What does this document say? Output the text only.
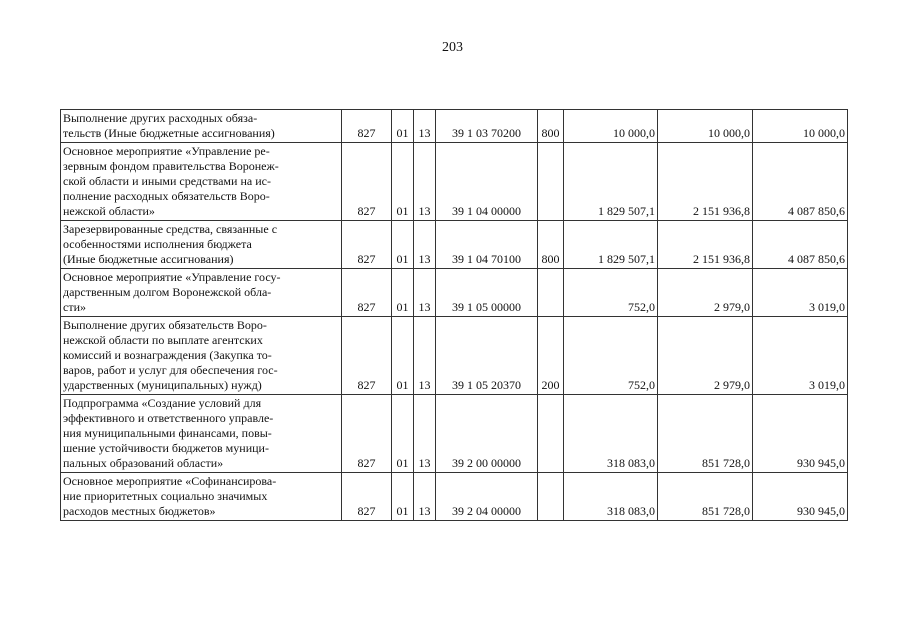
203
Выполнение других расходных обяза-
тельств (Иные бюджетные ассигнования)	827	01	13	39 1 03 70200	800	10 000,0	10 000,0	10 000,0
Основное мероприятие «Управление ре-
зервным фондом правительства Воронеж-
ской области и иными средствами на ис-
полнение расходных обязательств Воро-
нежской области»	827	01	13	39 1 04 00000		1 829 507,1	2 151 936,8	4 087 850,6
Зарезервированные средства, связанные с
особенностями исполнения бюджета
(Иные бюджетные ассигнования)	827	01	13	39 1 04 70100	800	1 829 507,1	2 151 936,8	4 087 850,6
Основное мероприятие «Управление госу-
дарственным долгом Воронежской обла-
сти»	827	01	13	39 1 05 00000		752,0	2 979,0	3 019,0
Выполнение других обязательств Воро-
нежской области по выплате агентских
комиссий и вознаграждения (Закупка то-
варов, работ и услуг для обеспечения гос-
ударственных (муниципальных) нужд)	827	01	13	39 1 05 20370	200	752,0	2 979,0	3 019,0
Подпрограмма «Создание условий для
эффективного и ответственного управле-
ния муниципальными финансами, повы-
шение устойчивости бюджетов муници-
пальных образований области»	827	01	13	39 2 00 00000		318 083,0	851 728,0	930 945,0
Основное мероприятие «Софинансирова-
ние приоритетных социально значимых
расходов местных бюджетов»	827	01	13	39 2 04 00000		318 083,0	851 728,0	930 945,0
